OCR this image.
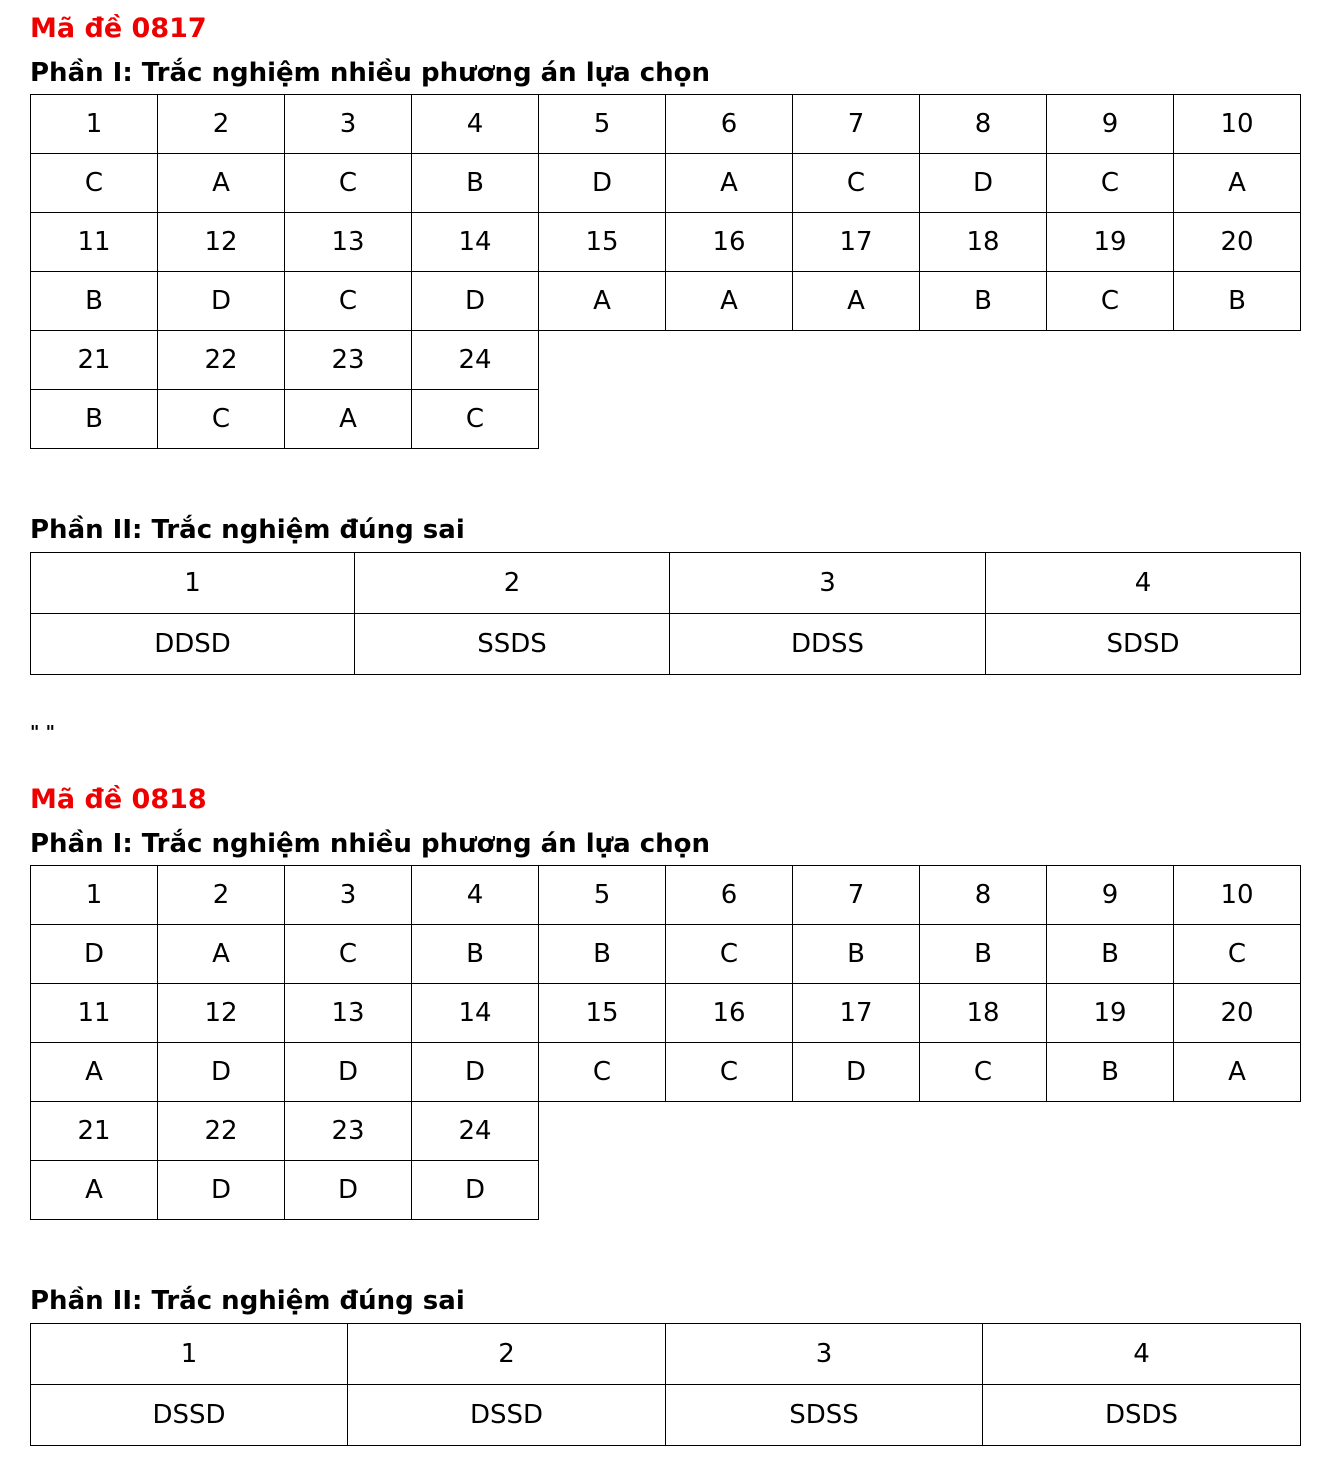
Mã đề 0817
Phần I: Trắc nghiệm nhiều phương án lựa chọn
1	2	3	4	5	6	7	8	9	10
C	A	C	B	D	A	C	D	C	A
11	12	13	14	15	16	17	18	19	20
B	D	C	D	A	A	A	B	C	B
21	22	23	24						
B	C	A	C						
Phần II: Trắc nghiệm đúng sai
1	2	3	4
DDSD	SSDS	DDSS	SDSD

" "

Mã đề 0818
Phần I: Trắc nghiệm nhiều phương án lựa chọn
1	2	3	4	5	6	7	8	9	10
D	A	C	B	B	C	B	B	B	C
11	12	13	14	15	16	17	18	19	20
A	D	D	D	C	C	D	C	B	A
21	22	23	24						
A	D	D	D						
Phần II: Trắc nghiệm đúng sai
1	2	3	4
DSSD	DSSD	SDSS	DSDS
